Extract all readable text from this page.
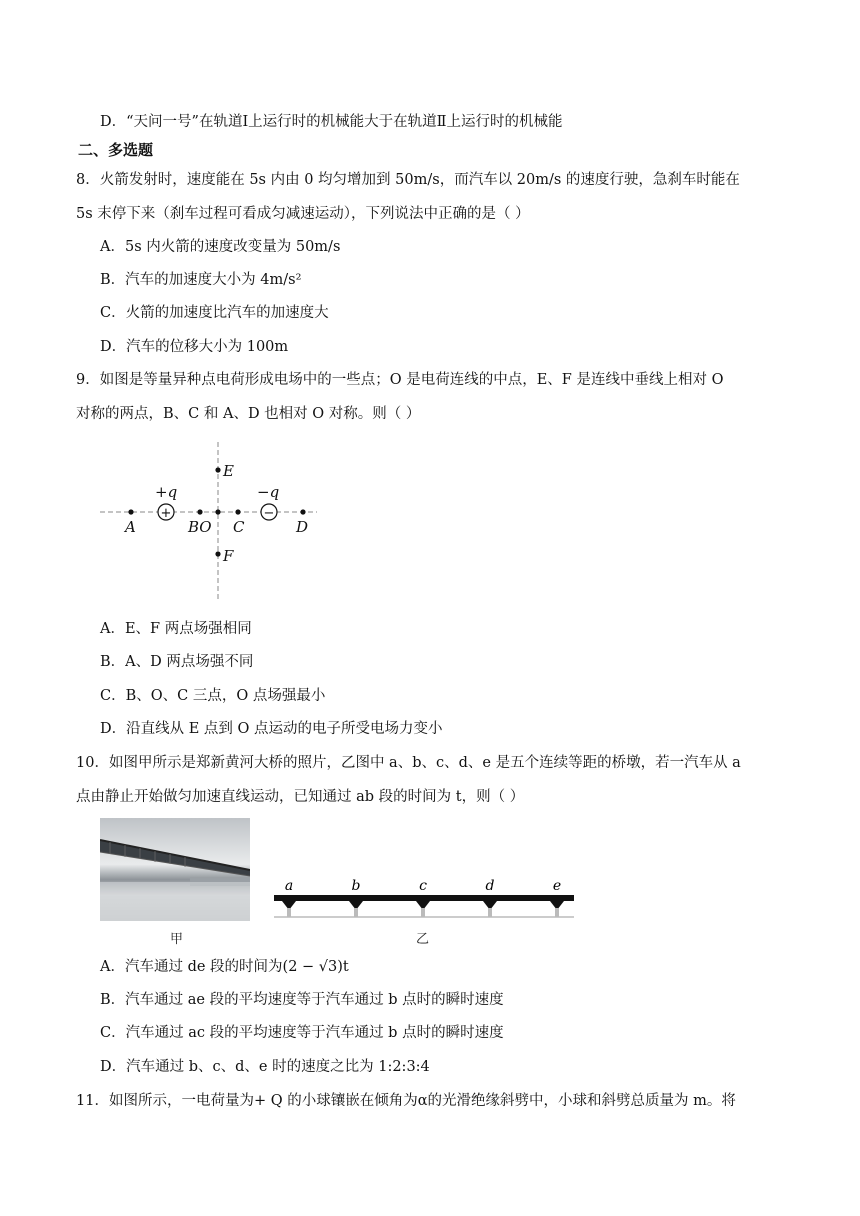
D．“天问一号”在轨道Ⅰ上运行时的机械能大于在轨道Ⅱ上运行时的机械能
二、多选题
8．火箭发射时，速度能在 5s 内由 0 均匀增加到 50m/s，而汽车以 20m/s 的速度行驶，急刹车时能在
5s 末停下来（刹车过程可看成匀减速运动），下列说法中正确的是（ ）
A．5s 内火箭的速度改变量为 50m/s
B．汽车的加速度大小为 4m/s²
C．火箭的加速度比汽车的加速度大
D．汽车的位移大小为 100m
9．如图是等量异种点电荷形成电场中的一些点；O 是电荷连线的中点，E、F 是连线中垂线上相对 O
对称的两点，B、C 和 A、D 也相对 O 对称。则（ ）
+	−
E
F
A	BO C	D
+q	−q
A．E、F 两点场强相同
B．A、D 两点场强不同
C．B、O、C 三点，O 点场强最小
D．沿直线从 E 点到 O 点运动的电子所受电场力变小
10．如图甲所示是郑新黄河大桥的照片，乙图中 a、b、c、d、e 是五个连续等距的桥墩，若一汽车从 a
点由静止开始做匀加速直线运动，已知通过 ab 段的时间为 t，则（ ）
甲
a	b	c	d	e
乙
A．汽车通过 de 段的时间为(2 − √3)t
B．汽车通过 ae 段的平均速度等于汽车通过 b 点时的瞬时速度
C．汽车通过 ac 段的平均速度等于汽车通过 b 点时的瞬时速度
D．汽车通过 b、c、d、e 时的速度之比为 1:2:3:4
11．如图所示，一电荷量为+ Q 的小球镶嵌在倾角为α的光滑绝缘斜劈中，小球和斜劈总质量为 m。将
